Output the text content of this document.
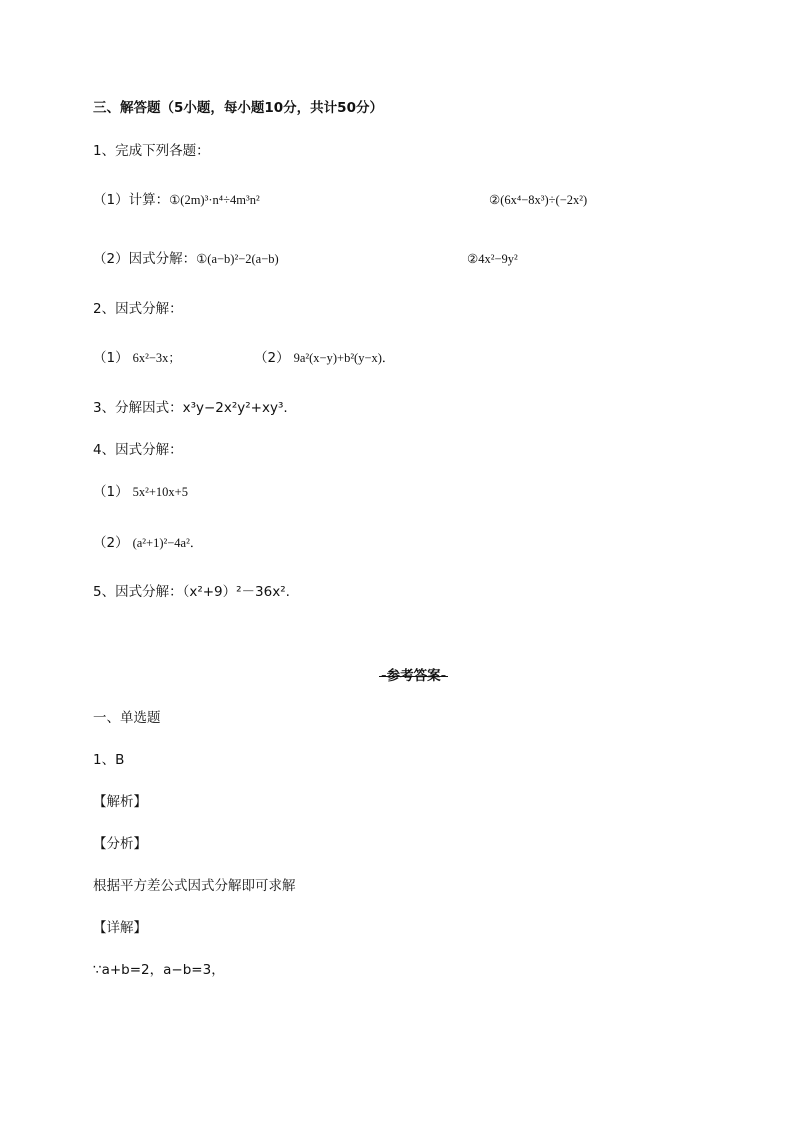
三、解答题（5小题，每小题10分，共计50分）
1、完成下列各题：
（1）计算：①(2m)³·n⁴÷4m³n²	②(6x⁴−8x³)÷(−2x²)
（2）因式分解：①(a−b)²−2(a−b)	②4x²−9y²
2、因式分解：
（1） 6x²−3x；	（2） 9a²(x−y)+b²(y−x)．
3、分解因式：x³y−2x²y²+xy³.
4、因式分解：
（1） 5x²+10x+5
（2） (a²+1)²−4a²．
5、因式分解：（x²+9）²－36x².
-参考答案-
一、单选题
1、B
【解析】
【分析】
根据平方差公式因式分解即可求解
【详解】
∵a+b=2，a−b=3，
